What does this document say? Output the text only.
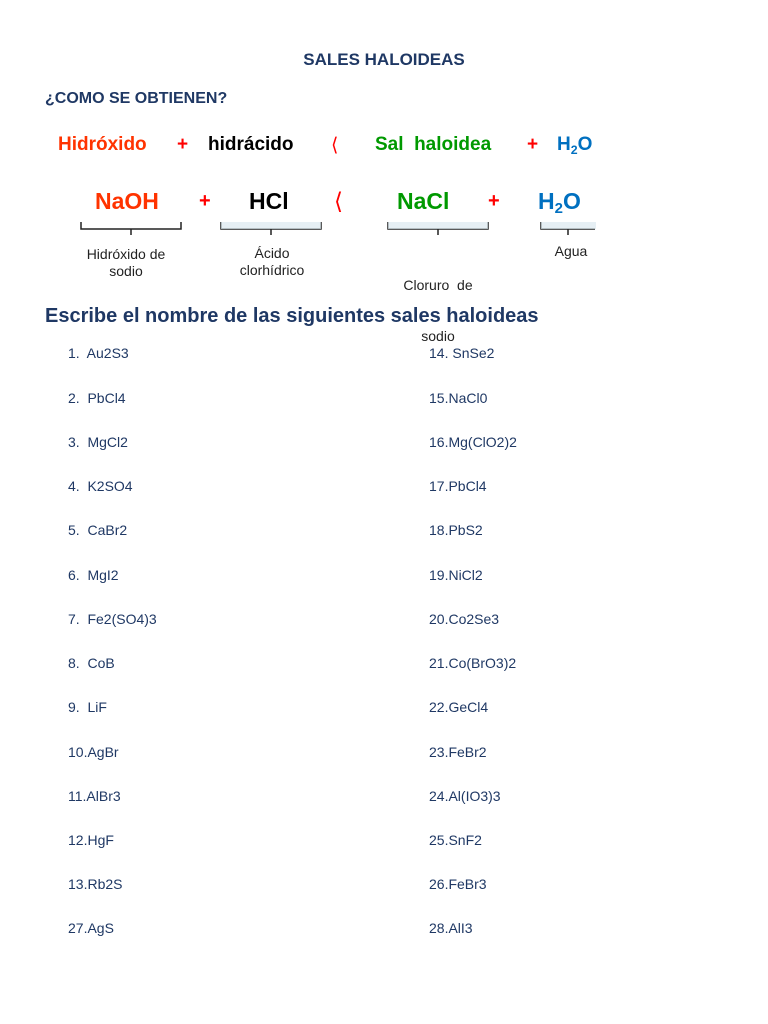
SALES HALOIDEAS
¿COMO SE OBTIENEN?
Hidróxido + hidrácido ⟨ Sal  haloidea + $H_2O$
NaOH + HCl ⟨ NaCl + $H_2O$
Hidróxido de
sodio
Ácido
clorhídrico

Cloruro  de

sodio

Agua
Escribe el nombre de las siguientes sales haloideas
1.  Au2S3
2.  PbCl4
3.  MgCl2
4.  K2SO4
5.  CaBr2
6.  MgI2
7.  Fe2(SO4)3
8.  CoB
9.  LiF
10.AgBr
11.AlBr3
12.HgF
13.Rb2S
27.AgS
14. SnSe2
15.NaCl0
16.Mg(ClO2)2
17.PbCl4
18.PbS2
19.NiCl2
20.Co2Se3
21.Co(BrO3)2
22.GeCl4
23.FeBr2
24.Al(IO3)3
25.SnF2
26.FeBr3
28.AlI3
